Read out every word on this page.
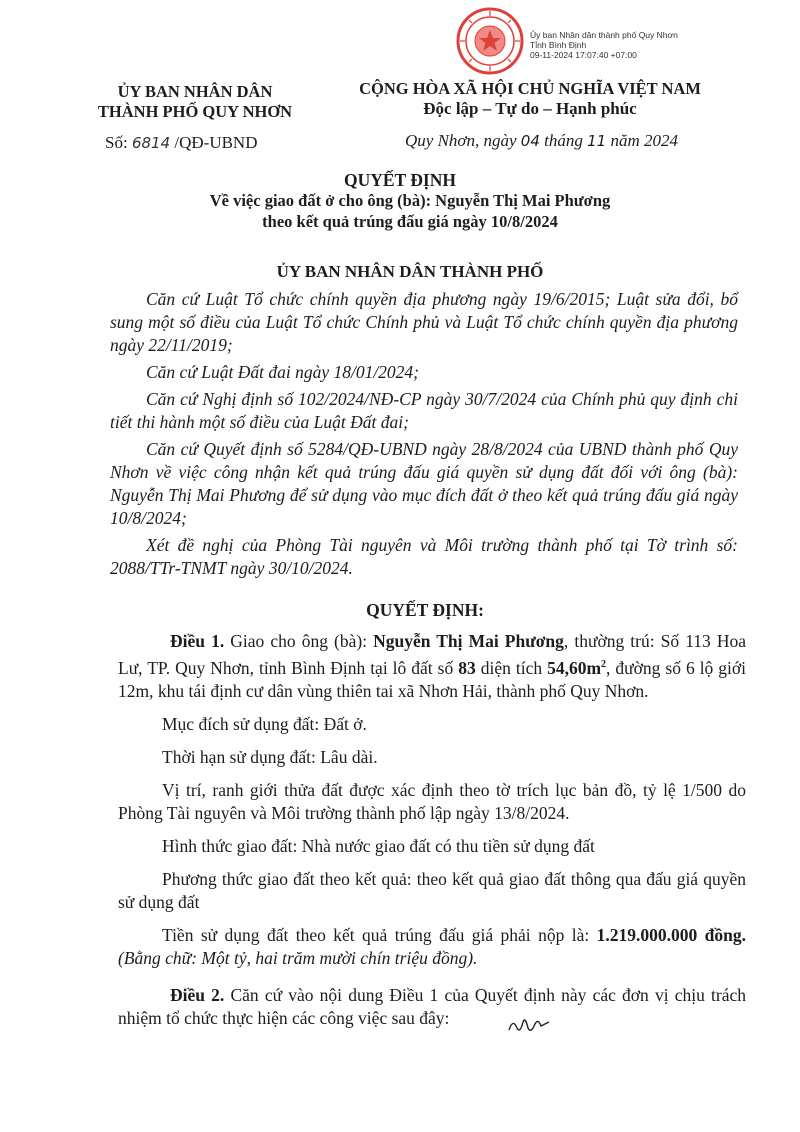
Ủy ban Nhân dân thành phố Quy Nhơn
Tỉnh Bình Định
09-11-2024 17:07:40 +07:00
ỦY BAN NHÂN DÂN
THÀNH PHỐ QUY NHƠN
Số: 6814 /QĐ-UBND
CỘNG HÒA XÃ HỘI CHỦ NGHĨA VIỆT NAM
Độc lập – Tự do – Hạnh phúc
Quy Nhơn, ngày 04 tháng 11 năm 2024
QUYẾT ĐỊNH
Về việc giao đất ở cho ông (bà): Nguyễn Thị Mai Phương
theo kết quả trúng đấu giá ngày 10/8/2024
ỦY BAN NHÂN DÂN THÀNH PHỐ

Căn cứ Luật Tổ chức chính quyền địa phương ngày 19/6/2015; Luật sửa đổi, bổ sung một số điều của Luật Tổ chức Chính phủ và Luật Tổ chức chính quyền địa phương ngày 22/11/2019;

Căn cứ Luật Đất đai ngày 18/01/2024;

Căn cứ Nghị định số 102/2024/NĐ-CP ngày 30/7/2024 của Chính phủ quy định chi tiết thi hành một số điều của Luật Đất đai;

Căn cứ Quyết định số 5284/QĐ-UBND ngày 28/8/2024 của UBND thành phố Quy Nhơn về việc công nhận kết quả trúng đấu giá quyền sử dụng đất đối với ông (bà): Nguyễn Thị Mai Phương để sử dụng vào mục đích đất ở theo kết quả trúng đấu giá ngày 10/8/2024;

Xét đề nghị của Phòng Tài nguyên và Môi trường thành phố tại Tờ trình số: 2088/TTr-TNMT ngày 30/10/2024.

QUYẾT ĐỊNH:

Điều 1. Giao cho ông (bà): Nguyễn Thị Mai Phương, thường trú: Số 113 Hoa Lư, TP. Quy Nhơn, tỉnh Bình Định tại lô đất số 83 diện tích $54,60m^2$, đường số 6 lộ giới 12m, khu tái định cư dân vùng thiên tai xã Nhơn Hải, thành phố Quy Nhơn.

Mục đích sử dụng đất: Đất ở.

Thời hạn sử dụng đất: Lâu dài.

Vị trí, ranh giới thửa đất được xác định theo tờ trích lục bản đồ, tỷ lệ 1/500 do Phòng Tài nguyên và Môi trường thành phố lập ngày 13/8/2024.

Hình thức giao đất: Nhà nước giao đất có thu tiền sử dụng đất

Phương thức giao đất theo kết quả: theo kết quả giao đất thông qua đấu giá quyền sử dụng đất

Tiền sử dụng đất theo kết quả trúng đấu giá phải nộp là: 1.219.000.000 đồng. (Bằng chữ: Một tỷ, hai trăm mười chín triệu đồng).

Điều 2. Căn cứ vào nội dung Điều 1 của Quyết định này các đơn vị chịu trách nhiệm tổ chức thực hiện các công việc sau đây:
